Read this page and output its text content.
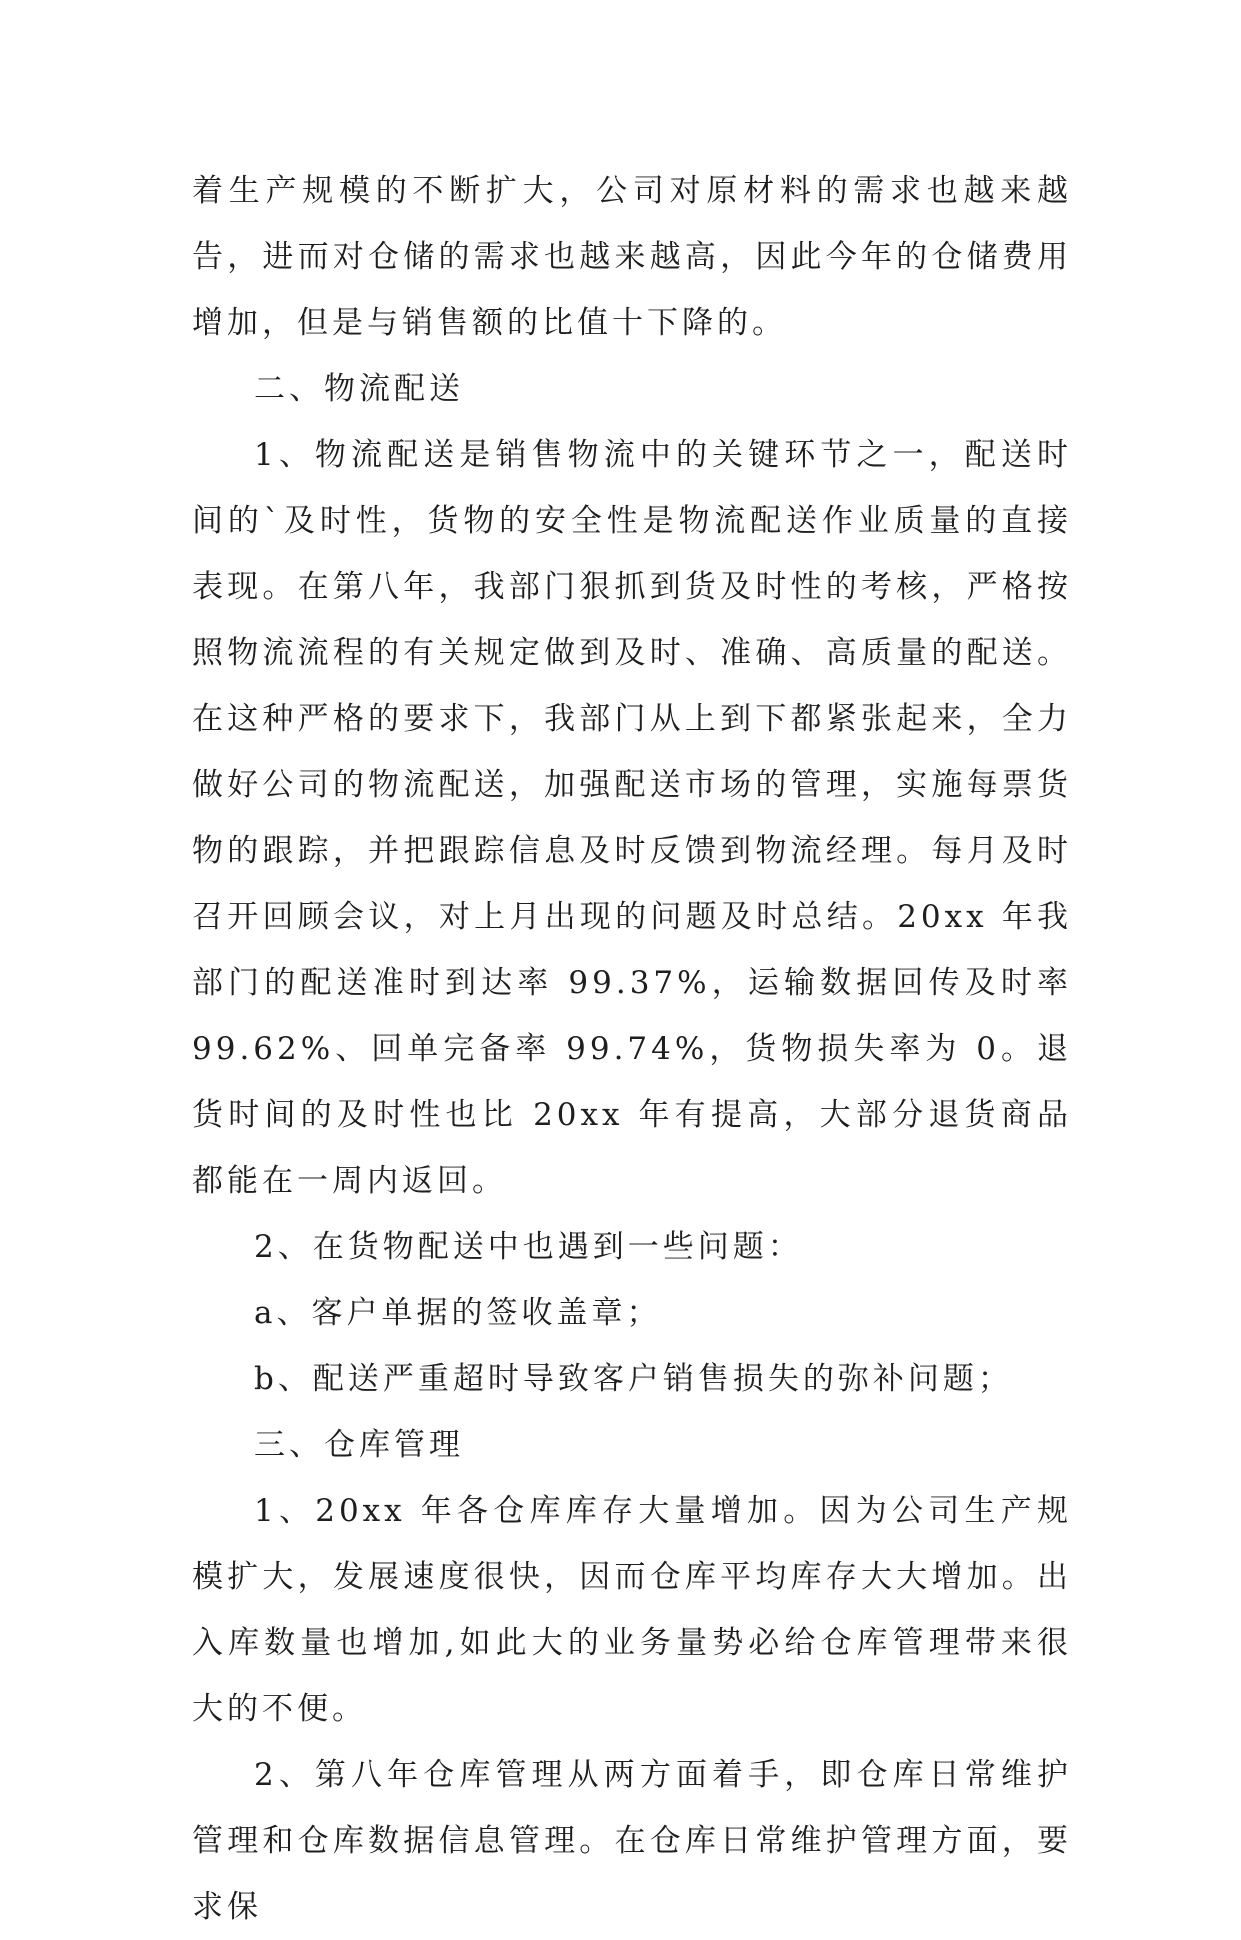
着生产规模的不断扩大，公司对原材料的需求也越来越告，进而对仓储的需求也越来越高，因此今年的仓储费用增加，但是与销售额的比值十下降的。

二、物流配送

1、物流配送是销售物流中的关键环节之一，配送时间的`及时性，货物的安全性是物流配送作业质量的直接表现。在第八年，我部门狠抓到货及时性的考核，严格按照物流流程的有关规定做到及时、准确、高质量的配送。在这种严格的要求下，我部门从上到下都紧张起来，全力做好公司的物流配送，加强配送市场的管理，实施每票货物的跟踪，并把跟踪信息及时反馈到物流经理。每月及时召开回顾会议，对上月出现的问题及时总结。20xx 年我部门的配送准时到达率 99.37%，运输数据回传及时率 99.62%、回单完备率 99.74%，货物损失率为 0。退货时间的及时性也比 20xx 年有提高，大部分退货商品都能在一周内返回。

2、在货物配送中也遇到一些问题：

a、客户单据的签收盖章；

b、配送严重超时导致客户销售损失的弥补问题；

三、仓库管理

1、20xx 年各仓库库存大量增加。因为公司生产规模扩大，发展速度很快，因而仓库平均库存大大增加。出入库数量也增加,如此大的业务量势必给仓库管理带来很大的不便。

2、第八年仓库管理从两方面着手，即仓库日常维护管理和仓库数据信息管理。在仓库日常维护管理方面，要求保
